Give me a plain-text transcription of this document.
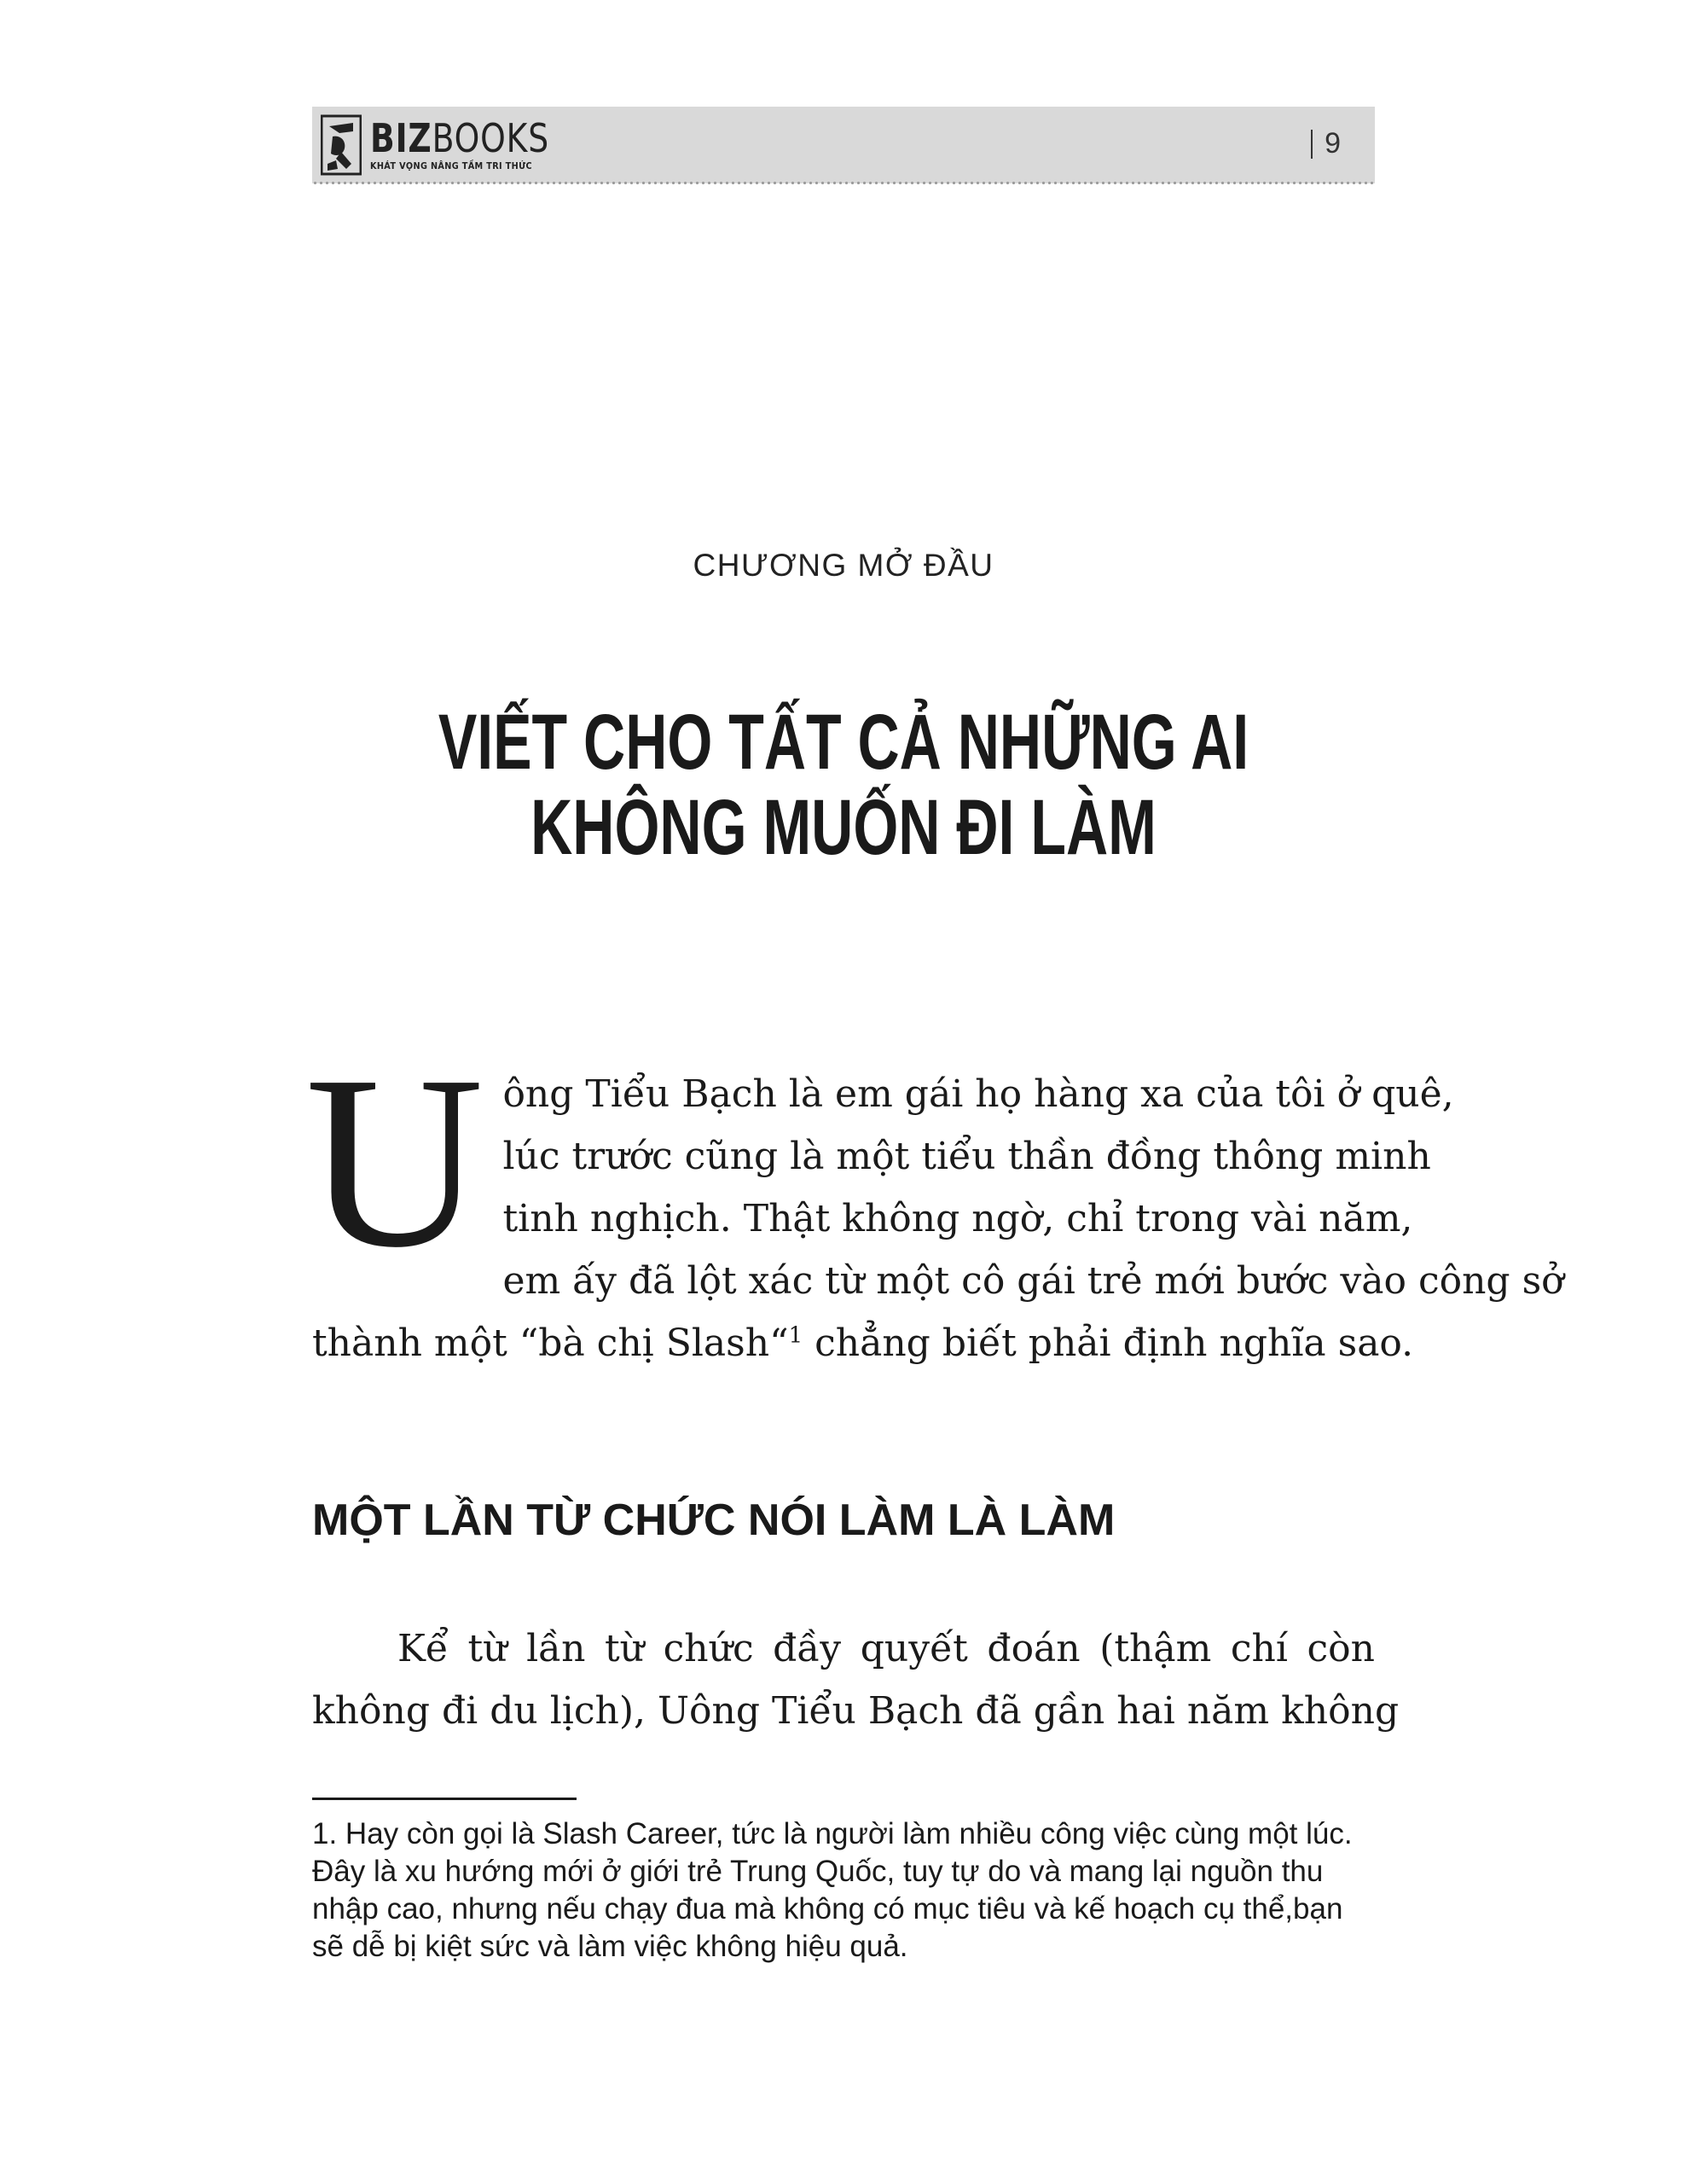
BIZBOOKS
KHÁT VỌNG NÂNG TẦM TRI THỨC
9
CHƯƠNG MỞ ĐẦU
VIẾT CHO TẤT CẢ NHỮNG AI
KHÔNG MUỐN ĐI LÀM
U ông Tiểu Bạch là em gái họ hàng xa của tôi ở quê,
lúc trước cũng là một tiểu thần đồng thông minh
tinh nghịch. Thật không ngờ, chỉ trong vài năm,
em ấy đã lột xác từ một cô gái trẻ mới bước vào công sở
thành một “bà chị Slash“$^1$ chẳng biết phải định nghĩa sao.
MỘT LẦN TỪ CHỨC NÓI LÀM LÀ LÀM
Kể từ lần từ chức đầy quyết đoán (thậm chí còn
không đi du lịch), Uông Tiểu Bạch đã gần hai năm không
1. Hay còn gọi là Slash Career, tức là người làm nhiều công việc cùng một lúc.
Đây là xu hướng mới ở giới trẻ Trung Quốc, tuy tự do và mang lại nguồn thu
nhập cao, nhưng nếu chạy đua mà không có mục tiêu và kế hoạch cụ thể,bạn
sẽ dễ bị kiệt sức và làm việc không hiệu quả.
